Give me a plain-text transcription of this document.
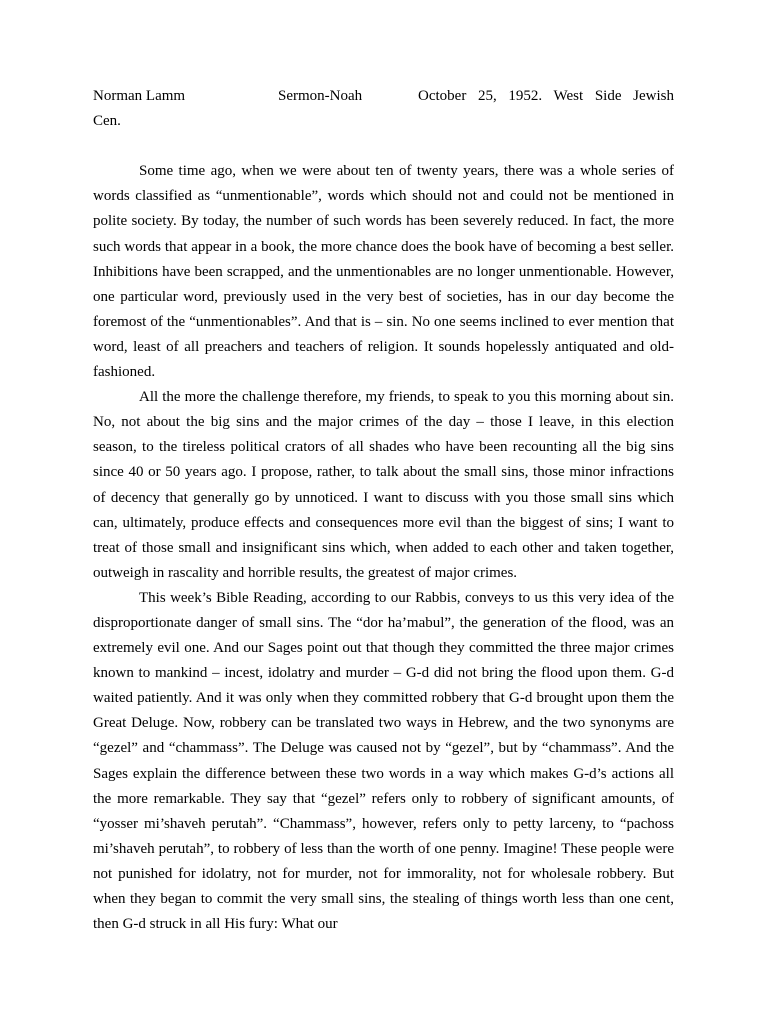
Norman Lamm	Sermon-Noah	October 25, 1952. West Side Jewish
Cen.

Some time ago, when we were about ten of twenty years, there was a whole series of words classified as “unmentionable”, words which should not and could not be mentioned in polite society. By today, the number of such words has been severely reduced. In fact, the more such words that appear in a book, the more chance does the book have of becoming a best seller. Inhibitions have been scrapped, and the unmentionables are no longer unmentionable. However, one particular word, previously used in the very best of societies, has in our day become the foremost of the “unmentionables”. And that is – sin. No one seems inclined to ever mention that word, least of all preachers and teachers of religion. It sounds hopelessly antiquated and old-fashioned.

All the more the challenge therefore, my friends, to speak to you this morning about sin. No, not about the big sins and the major crimes of the day – those I leave, in this election season, to the tireless political crators of all shades who have been recounting all the big sins since 40 or 50 years ago. I propose, rather, to talk about the small sins, those minor infractions of decency that generally go by unnoticed. I want to discuss with you those small sins which can, ultimately, produce effects and consequences more evil than the biggest of sins; I want to treat of those small and insignificant sins which, when added to each other and taken together, outweigh in rascality and horrible results, the greatest of major crimes.

This week’s Bible Reading, according to our Rabbis, conveys to us this very idea of the disproportionate danger of small sins. The “dor ha’mabul”, the generation of the flood, was an extremely evil one. And our Sages point out that though they committed the three major crimes known to mankind – incest, idolatry and murder – G-d did not bring the flood upon them. G-d waited patiently. And it was only when they committed robbery that G-d brought upon them the Great Deluge. Now, robbery can be translated two ways in Hebrew, and the two synonyms are “gezel” and “chammass”. The Deluge was caused not by “gezel”, but by “chammass”. And the Sages explain the difference between these two words in a way which makes G-d’s actions all the more remarkable. They say that “gezel” refers only to robbery of significant amounts, of “yosser mi’shaveh perutah”. “Chammass”, however, refers only to petty larceny, to “pachoss mi’shaveh perutah”, to robbery of less than the worth of one penny. Imagine! These people were not punished for idolatry, not for murder, not for immorality, not for wholesale robbery. But when they began to commit the very small sins, the stealing of things worth less than one cent, then G-d struck in all His fury: What our
